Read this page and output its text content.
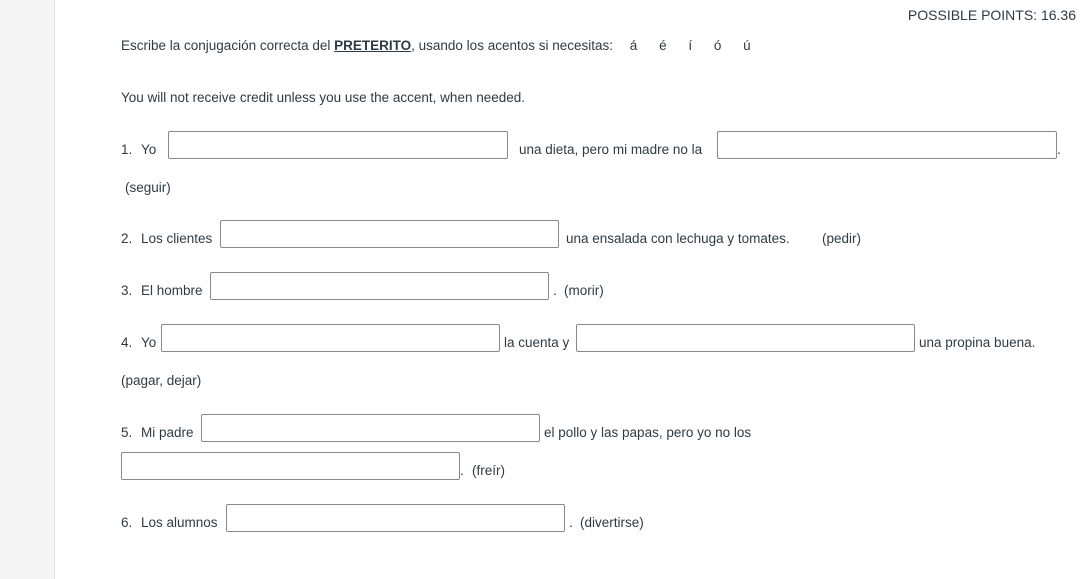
POSSIBLE POINTS: 16.36
Escribe la conjugación correcta del PRETERITO, usando los acentos si necesitas: á é í ó ú
You will not receive credit unless you use the accent, when needed.
1. Yo	una dieta, pero mi madre no la	.
(seguir)
2. Los clientes	una ensalada con lechuga y tomates. (pedir)
3. El hombre	. (morir)
4. Yo	la cuenta y	una propina buena.
(pagar, dejar)
5. Mi padre	el pollo y las papas, pero yo no los
. (freír)
6. Los alumnos	. (divertirse)
